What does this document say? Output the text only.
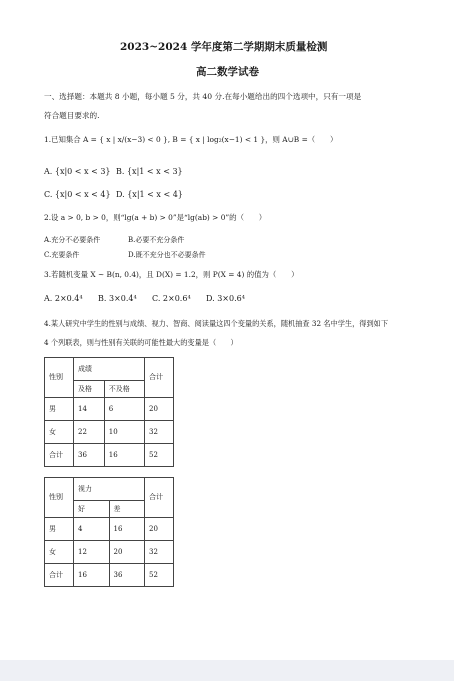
2023~2024 学年度第二学期期末质量检测
高二数学试卷
一、选择题：本题共 8 小题，每小题 5 分，共 40 分.在每小题给出的四个选项中，只有一项是
符合题目要求的.
1.已知集合 A = { x | x/(x−3) < 0 }, B = { x | log₂(x−1) < 1 }，则 A∪B =（　　）
A. {x|0 < x < 3} B. {x|1 < x < 3}
C. {x|0 < x < 4} D. {x|1 < x < 4}
2.设 a > 0, b > 0，则“lg(a + b) > 0”是“lg(ab) > 0”的（　　）
A.充分不必要条件	B.必要不充分条件
C.充要条件	D.既不充分也不必要条件
3.若随机变量 X ~ B(n, 0.4)，且 D(X) = 1.2，则 P(X = 4) 的值为（　　）
A. 2×0.4⁴ B. 3×0.4⁴ C. 2×0.6⁴ D. 3×0.6⁴
4.某人研究中学生的性别与成绩、视力、智商、阅读量这四个变量的关系，随机抽查 32 名中学生，得到如下
4 个列联表，则与性别有关联的可能性最大的变量是（　　）
性别	成绩		合计
	及格	不及格	
男	14	6	20
女	22	10	32
合计	36	16	52
性别	视力		合计
	好	差	
男	4	16	20
女	12	20	32
合计	16	36	52
